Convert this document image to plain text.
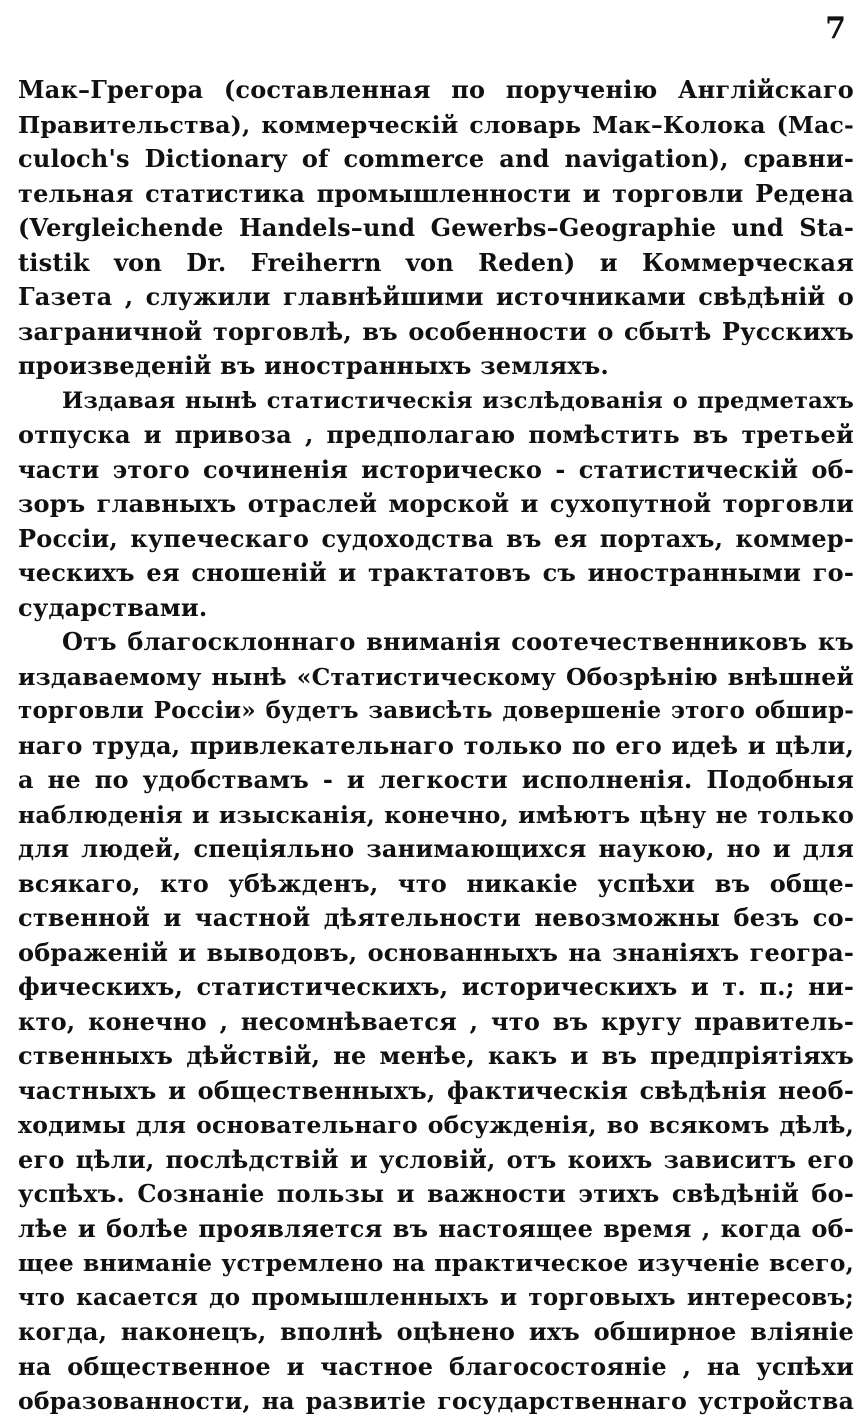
7
Мак–Грегора (составленная по порученію Англійскаго
Правительства), коммерческій словарь Мак–Колока (Mac-
culoch's Dictionary of commerce and navigation), сравни-
тельная статистика промышленности и торговли Редена
(Vergleichende Handels–und Gewerbs–Geographie und Sta-
tistik von Dr. Freiherrn von Reden) и Коммерческая
Газета , служили главнѣйшими источниками свѣдѣній о
заграничной торговлѣ, въ особенности о сбытѣ Русскихъ
произведеній въ иностранныхъ земляхъ.
Издавая нынѣ статистическія изслѣдованія о предметахъ
отпуска и привоза , предполагаю помѣстить въ третьей
части этого сочиненія историческо - статистическій об-
зоръ главныхъ отраслей морской и сухопутной торговли
Россіи, купеческаго судоходства въ ея портахъ, коммер-
ческихъ ея сношеній и трактатовъ съ иностранными го-
сударствами.
Отъ благосклоннаго вниманія соотечественниковъ къ
издаваемому нынѣ «Статистическому Обозрѣнію внѣшней
торговли Россіи» будетъ зависѣть довершеніе этого обшир-
наго труда, привлекательнаго только по его идеѣ и цѣли,
а не по удобствамъ - и легкости исполненія. Подобныя
наблюденія и изысканія, конечно, имѣютъ цѣну не только
для людей, спеціяльно занимающихся наукою, но и для
всякаго, кто убѣжденъ, что никакіе успѣхи въ обще-
ственной и частной дѣятельности невозможны безъ со-
ображеній и выводовъ, основанныхъ на знаніяхъ геогра-
фическихъ, статистическихъ, историческихъ и т. п.; ни-
кто, конечно , несомнѣвается , что въ кругу правитель-
ственныхъ дѣйствій, не менѣе, какъ и въ предпріятіяхъ
частныхъ и общественныхъ, фактическія свѣдѣнія необ-
ходимы для основательнаго обсужденія, во всякомъ дѣлѣ,
его цѣли, послѣдствій и условій, отъ коихъ зависитъ его
успѣхъ. Сознаніе пользы и важности этихъ свѣдѣній бо-
лѣе и болѣе проявляется въ настоящее время , когда об-
щее вниманіе устремлено на практическое изученіе всего,
что касается до промышленныхъ и торговыхъ интересовъ;
когда, наконецъ, вполнѣ оцѣнено ихъ обширное вліяніе
на общественное и частное благосостояніе , на успѣхи
образованности, на развитіе государственнаго устройства
